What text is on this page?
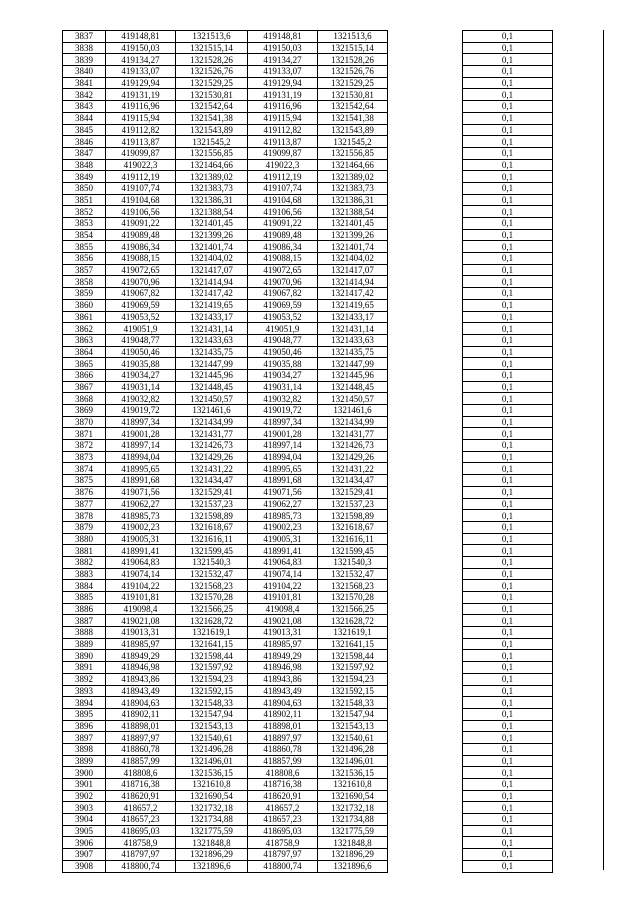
3837	419148,81	1321513,6	419148,81	1321513,6		0,1
3838	419150,03	1321515,14	419150,03	1321515,14		0,1
3839	419134,27	1321528,26	419134,27	1321528,26		0,1
3840	419133,07	1321526,76	419133,07	1321526,76		0,1
3841	419129,94	1321529,25	419129,94	1321529,25		0,1
3842	419131,19	1321530,81	419131,19	1321530,81		0,1
3843	419116,96	1321542,64	419116,96	1321542,64		0,1
3844	419115,94	1321541,38	419115,94	1321541,38		0,1
3845	419112,82	1321543,89	419112,82	1321543,89		0,1
3846	419113,87	1321545,2	419113,87	1321545,2		0,1
3847	419099,87	1321556,85	419099,87	1321556,85		0,1
3848	419022,3	1321464,66	419022,3	1321464,66		0,1
3849	419112,19	1321389,02	419112,19	1321389,02		0,1
3850	419107,74	1321383,73	419107,74	1321383,73		0,1
3851	419104,68	1321386,31	419104,68	1321386,31		0,1
3852	419106,56	1321388,54	419106,56	1321388,54		0,1
3853	419091,22	1321401,45	419091,22	1321401,45		0,1
3854	419089,48	1321399,26	419089,48	1321399,26		0,1
3855	419086,34	1321401,74	419086,34	1321401,74		0,1
3856	419088,15	1321404,02	419088,15	1321404,02		0,1
3857	419072,65	1321417,07	419072,65	1321417,07		0,1
3858	419070,96	1321414,94	419070,96	1321414,94		0,1
3859	419067,82	1321417,42	419067,82	1321417,42		0,1
3860	419069,59	1321419,65	419069,59	1321419,65		0,1
3861	419053,52	1321433,17	419053,52	1321433,17		0,1
3862	419051,9	1321431,14	419051,9	1321431,14		0,1
3863	419048,77	1321433,63	419048,77	1321433,63		0,1
3864	419050,46	1321435,75	419050,46	1321435,75		0,1
3865	419035,88	1321447,99	419035,88	1321447,99		0,1
3866	419034,27	1321445,96	419034,27	1321445,96		0,1
3867	419031,14	1321448,45	419031,14	1321448,45		0,1
3868	419032,82	1321450,57	419032,82	1321450,57		0,1
3869	419019,72	1321461,6	419019,72	1321461,6		0,1
3870	418997,34	1321434,99	418997,34	1321434,99		0,1
3871	419001,28	1321431,77	419001,28	1321431,77		0,1
3872	418997,14	1321426,73	418997,14	1321426,73		0,1
3873	418994,04	1321429,26	418994,04	1321429,26		0,1
3874	418995,65	1321431,22	418995,65	1321431,22		0,1
3875	418991,68	1321434,47	418991,68	1321434,47		0,1
3876	419071,56	1321529,41	419071,56	1321529,41		0,1
3877	419062,27	1321537,23	419062,27	1321537,23		0,1
3878	418985,73	1321598,89	418985,73	1321598,89		0,1
3879	419002,23	1321618,67	419002,23	1321618,67		0,1
3880	419005,31	1321616,11	419005,31	1321616,11		0,1
3881	418991,41	1321599,45	418991,41	1321599,45		0,1
3882	419064,83	1321540,3	419064,83	1321540,3		0,1
3883	419074,14	1321532,47	419074,14	1321532,47		0,1
3884	419104,22	1321568,23	419104,22	1321568,23		0,1
3885	419101,81	1321570,28	419101,81	1321570,28		0,1
3886	419098,4	1321566,25	419098,4	1321566,25		0,1
3887	419021,08	1321628,72	419021,08	1321628,72		0,1
3888	419013,31	1321619,1	419013,31	1321619,1		0,1
3889	418985,97	1321641,15	418985,97	1321641,15		0,1
3890	418949,29	1321598,44	418949,29	1321598,44		0,1
3891	418946,98	1321597,92	418946,98	1321597,92		0,1
3892	418943,86	1321594,23	418943,86	1321594,23		0,1
3893	418943,49	1321592,15	418943,49	1321592,15		0,1
3894	418904,63	1321548,33	418904,63	1321548,33		0,1
3895	418902,11	1321547,94	418902,11	1321547,94		0,1
3896	418898,01	1321543,13	418898,01	1321543,13		0,1
3897	418897,97	1321540,61	418897,97	1321540,61		0,1
3898	418860,78	1321496,28	418860,78	1321496,28		0,1
3899	418857,99	1321496,01	418857,99	1321496,01		0,1
3900	418808,6	1321536,15	418808,6	1321536,15		0,1
3901	418716,38	1321610,8	418716,38	1321610,8		0,1
3902	418620,91	1321690,54	418620,91	1321690,54		0,1
3903	418657,2	1321732,18	418657,2	1321732,18		0,1
3904	418657,23	1321734,88	418657,23	1321734,88		0,1
3905	418695,03	1321775,59	418695,03	1321775,59		0,1
3906	418758,9	1321848,8	418758,9	1321848,8		0,1
3907	418797,97	1321896,29	418797,97	1321896,29		0,1
3908	418800,74	1321896,6	418800,74	1321896,6		0,1
